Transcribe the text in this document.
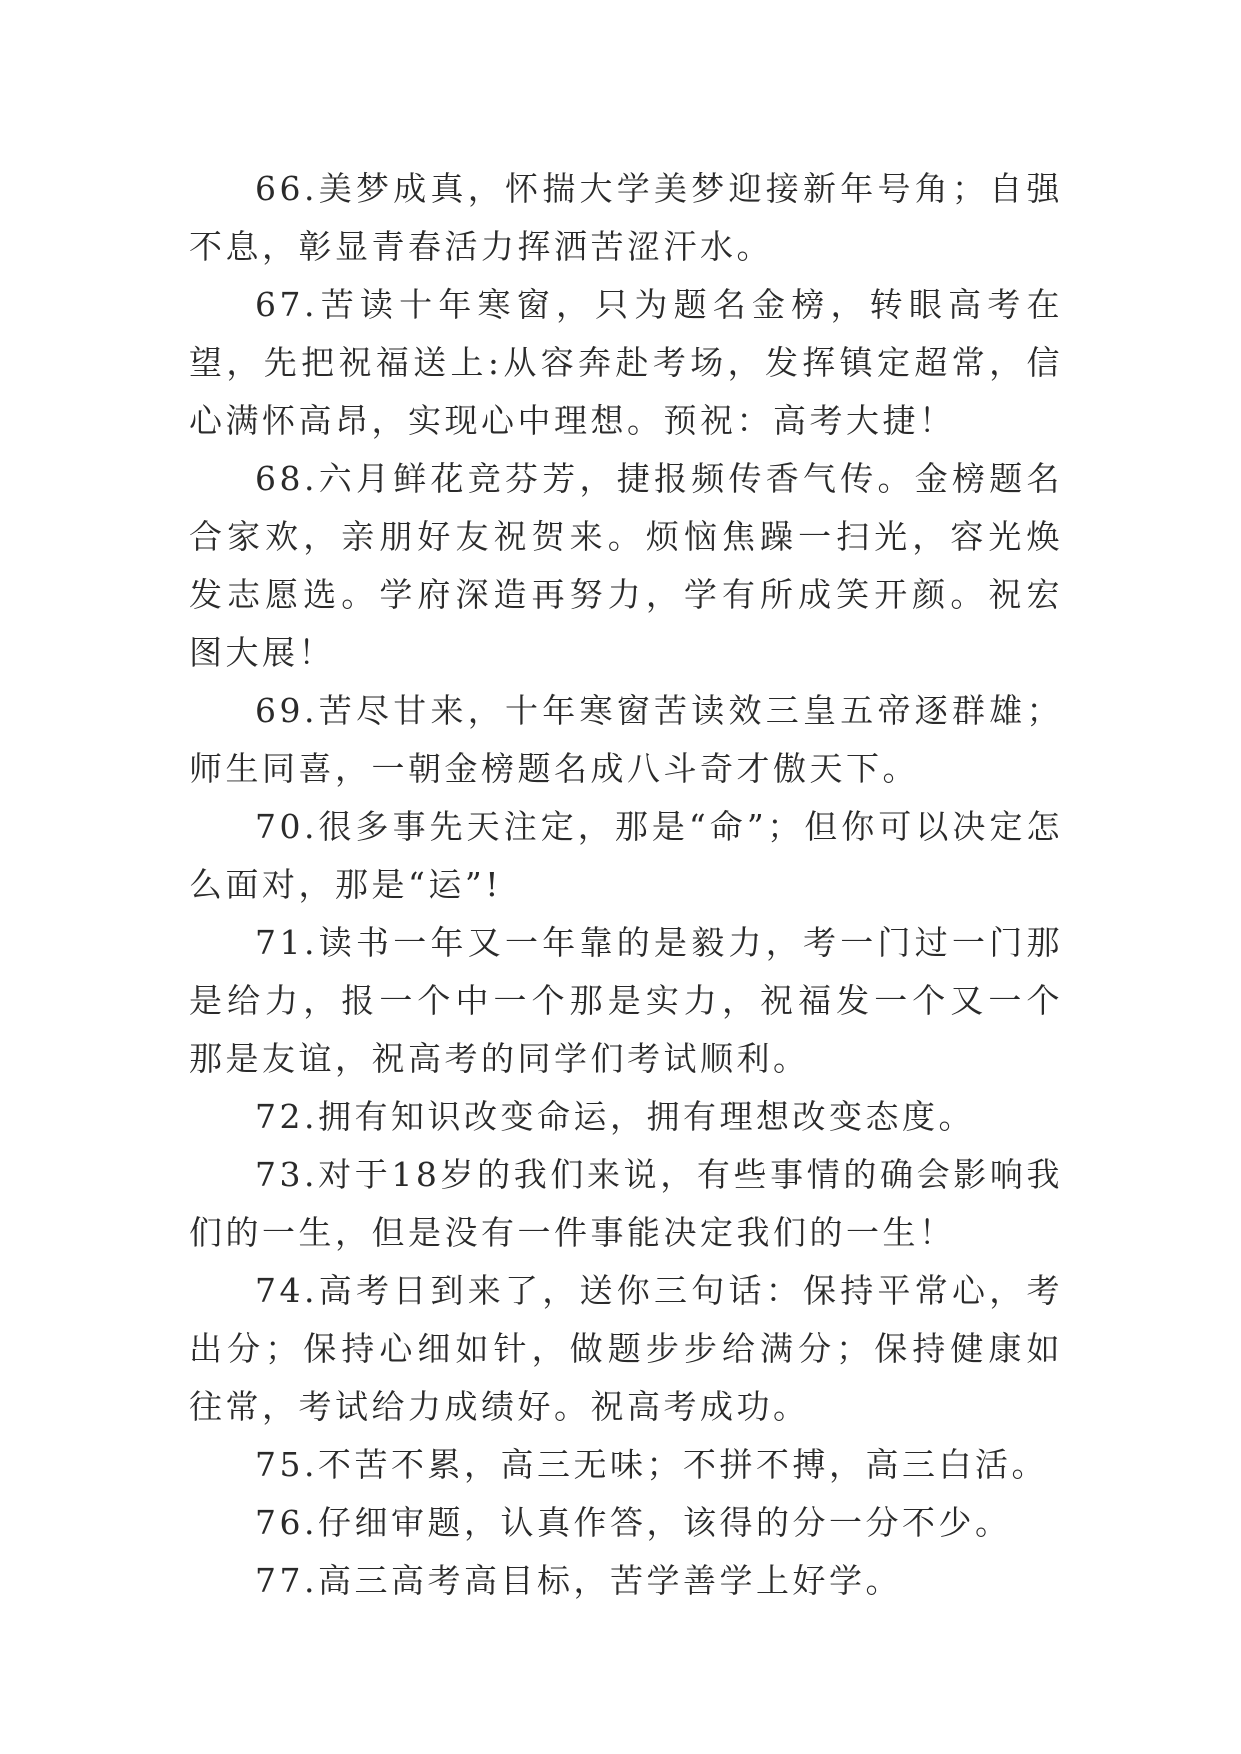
66.美梦成真，怀揣大学美梦迎接新年号角；自强不息，彰显青春活力挥洒苦涩汗水。

67.苦读十年寒窗，只为题名金榜，转眼高考在望，先把祝福送上:从容奔赴考场，发挥镇定超常，信心满怀高昂，实现心中理想。预祝：高考大捷！

68.六月鲜花竞芬芳，捷报频传香气传。金榜题名合家欢，亲朋好友祝贺来。烦恼焦躁一扫光，容光焕发志愿选。学府深造再努力，学有所成笑开颜。祝宏图大展！

69.苦尽甘来，十年寒窗苦读效三皇五帝逐群雄；师生同喜，一朝金榜题名成八斗奇才傲天下。

70.很多事先天注定，那是“命”；但你可以决定怎么面对，那是“运”!

71.读书一年又一年靠的是毅力，考一门过一门那是给力，报一个中一个那是实力，祝福发一个又一个那是友谊，祝高考的同学们考试顺利。

72.拥有知识改变命运，拥有理想改变态度。

73.对于18岁的我们来说，有些事情的确会影响我们的一生，但是没有一件事能决定我们的一生！

74.高考日到来了，送你三句话：保持平常心，考出分；保持心细如针，做题步步给满分；保持健康如往常，考试给力成绩好。祝高考成功。

75.不苦不累，高三无味；不拼不搏，高三白活。

76.仔细审题，认真作答，该得的分一分不少。

77.高三高考高目标，苦学善学上好学。
